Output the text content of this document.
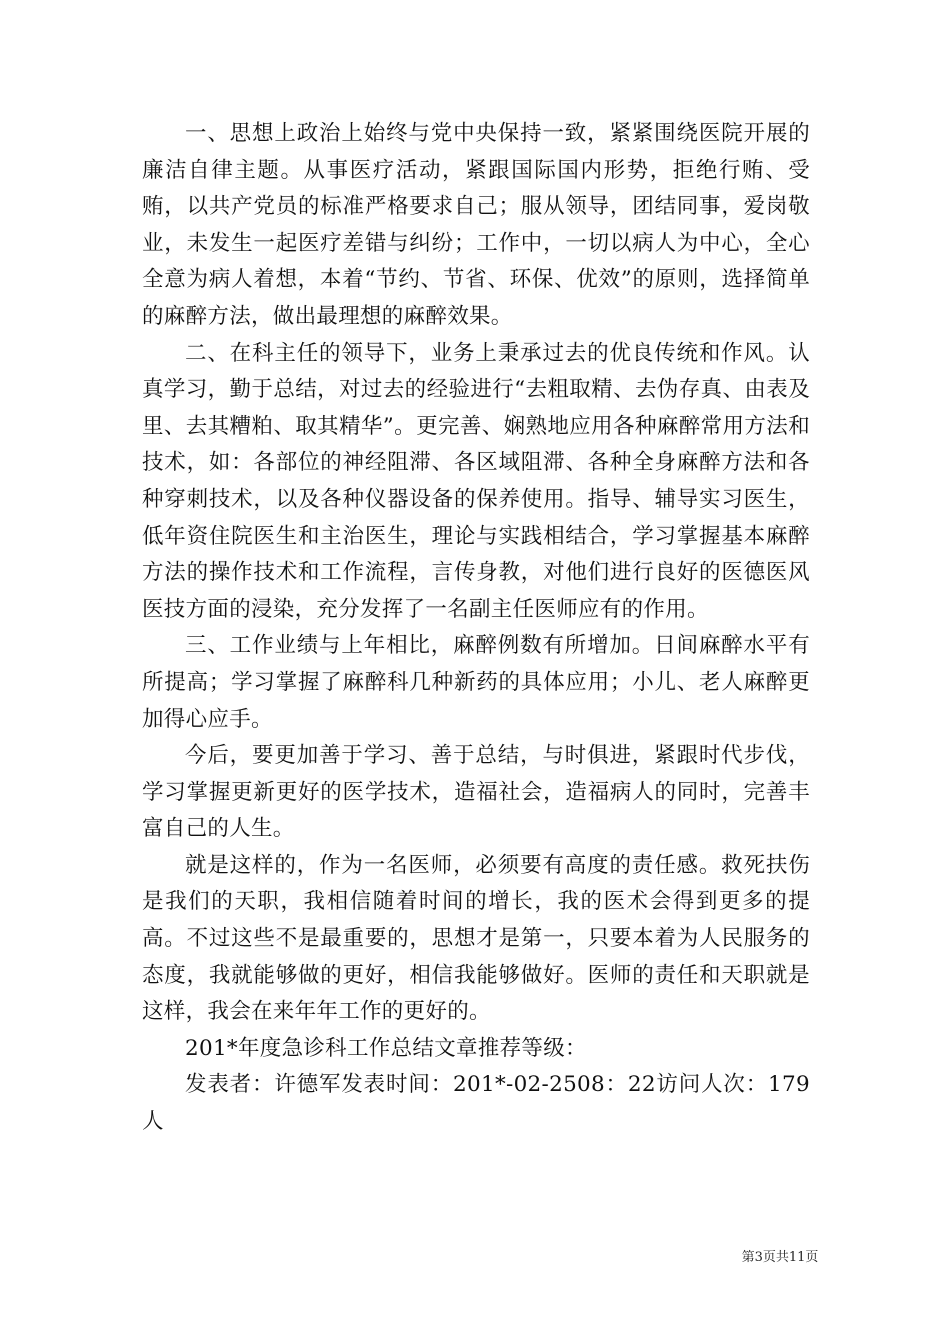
一、思想上政治上始终与党中央保持一致，紧紧围绕医院开展的廉洁自律主题。从事医疗活动，紧跟国际国内形势，拒绝行贿、受贿，以共产党员的标准严格要求自己；服从领导，团结同事，爱岗敬业，未发生一起医疗差错与纠纷；工作中，一切以病人为中心，全心全意为病人着想，本着“节约、节省、环保、优效”的原则，选择简单的麻醉方法，做出最理想的麻醉效果。

二、在科主任的领导下，业务上秉承过去的优良传统和作风。认真学习，勤于总结，对过去的经验进行“去粗取精、去伪存真、由表及里、去其糟粕、取其精华”。更完善、娴熟地应用各种麻醉常用方法和技术，如：各部位的神经阻滞、各区域阻滞、各种全身麻醉方法和各种穿刺技术，以及各种仪器设备的保养使用。指导、辅导实习医生，低年资住院医生和主治医生，理论与实践相结合，学习掌握基本麻醉方法的操作技术和工作流程，言传身教，对他们进行良好的医德医风医技方面的浸染，充分发挥了一名副主任医师应有的作用。

三、工作业绩与上年相比，麻醉例数有所增加。日间麻醉水平有所提高；学习掌握了麻醉科几种新药的具体应用；小儿、老人麻醉更加得心应手。

今后，要更加善于学习、善于总结，与时俱进，紧跟时代步伐，学习掌握更新更好的医学技术，造福社会，造福病人的同时，完善丰富自己的人生。

就是这样的，作为一名医师，必须要有高度的责任感。救死扶伤是我们的天职，我相信随着时间的增长，我的医术会得到更多的提高。不过这些不是最重要的，思想才是第一，只要本着为人民服务的态度，我就能够做的更好，相信我能够做好。医师的责任和天职就是这样，我会在来年年工作的更好的。

201*年度急诊科工作总结文章推荐等级：

发表者：许德军发表时间：201*-02-2508：22访问人次：179人

第3页共11页
